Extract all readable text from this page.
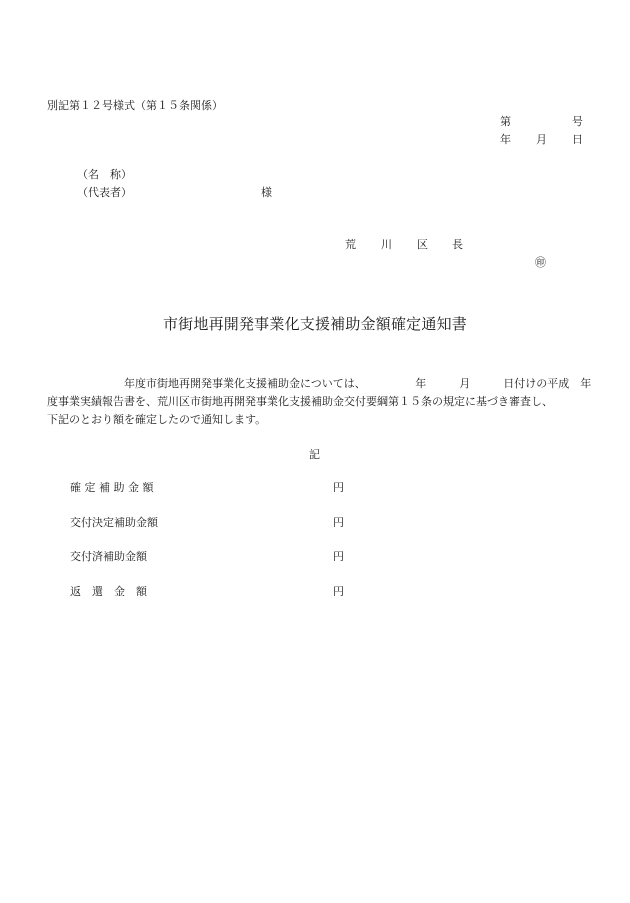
別記第１２号様式（第１５条関係）
第	号
年 月 日
（名　称）
（代表者）	様
荒 川 区 長
㊞
市街地再開発事業化支援補助金額確定通知書
　　　　　　　年度市街地再開発事業化支援補助金については、　　　　　年　　　月　　　日付けの平成　年
度事業実績報告書を、荒川区市街地再開発事業化支援補助金交付要綱第１５条の規定に基づき審査し、
下記のとおり額を確定したので通知します。
記
確 定 補 助 金 額	円
交付決定補助金額	円
交付済補助金額	円
返　還　金　額	円
